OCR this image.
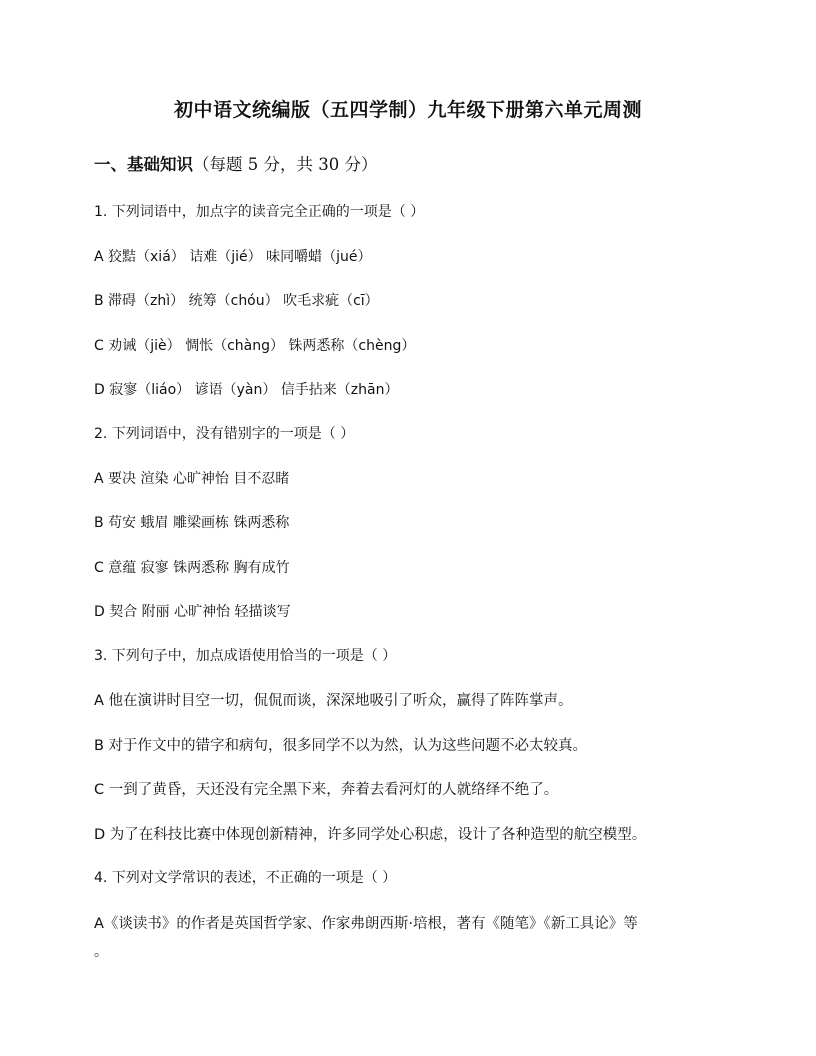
初中语文统编版（五四学制）九年级下册第六单元周测
一、基础知识（每题 5 分，共 30 分）
1. 下列词语中，加点字的读音完全正确的一项是（ ）
A 狡黠（xiá） 诘难（jié） 味同嚼蜡（jué）
B 滞碍（zhì） 统筹（chóu） 吹毛求疵（cī）
C 劝诫（jiè） 惆怅（chàng） 铢两悉称（chèng）
D 寂寥（liáo） 谚语（yàn） 信手拈来（zhān）
2. 下列词语中，没有错别字的一项是（ ）
A 要决 渲染 心旷神怡 目不忍睹
B 苟安 蛾眉 雕梁画栋 铢两悉称
C 意蕴 寂寥 铢两悉称 胸有成竹
D 契合 附丽 心旷神怡 轻描谈写
3. 下列句子中，加点成语使用恰当的一项是（ ）
A 他在演讲时目空一切，侃侃而谈，深深地吸引了听众，赢得了阵阵掌声。
B 对于作文中的错字和病句，很多同学不以为然，认为这些问题不必太较真。
C 一到了黄昏，天还没有完全黑下来，奔着去看河灯的人就络绎不绝了。
D 为了在科技比赛中体现创新精神，许多同学处心积虑，设计了各种造型的航空模型。
4. 下列对文学常识的表述，不正确的一项是（ ）
A《谈读书》的作者是英国哲学家、作家弗朗西斯·培根，著有《随笔》《新工具论》等
。
